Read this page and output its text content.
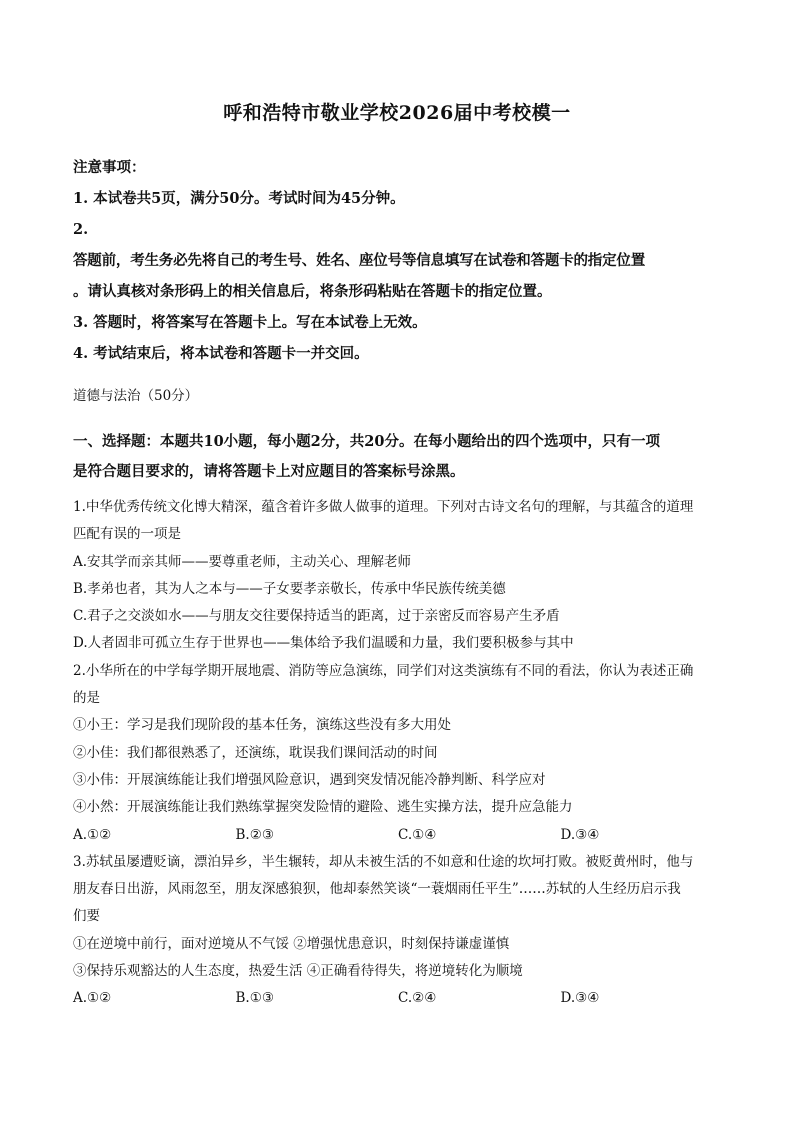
呼和浩特市敬业学校2026届中考校模一
注意事项：
1. 本试卷共5页，满分50分。考试时间为45分钟。
2.
答题前，考生务必先将自己的考生号、姓名、座位号等信息填写在试卷和答题卡的指定位置
。请认真核对条形码上的相关信息后，将条形码粘贴在答题卡的指定位置。
3. 答题时，将答案写在答题卡上。写在本试卷上无效。
4. 考试结束后，将本试卷和答题卡一并交回。
道德与法治（50分）
一、选择题：本题共10小题，每小题2分，共20分。在每小题给出的四个选项中，只有一项
是符合题目要求的，请将答题卡上对应题目的答案标号涂黑。
1.中华优秀传统文化博大精深，蕴含着许多做人做事的道理。下列对古诗文名句的理解，与其蕴含的道理
匹配有误的一项是
A.安其学而亲其师——要尊重老师，主动关心、理解老师
B.孝弟也者，其为人之本与——子女要孝亲敬长，传承中华民族传统美德
C.君子之交淡如水——与朋友交往要保持适当的距离，过于亲密反而容易产生矛盾
D.人者固非可孤立生存于世界也——集体给予我们温暖和力量，我们要积极参与其中
2.小华所在的中学每学期开展地震、消防等应急演练，同学们对这类演练有不同的看法，你认为表述正确
的是
①小王：学习是我们现阶段的基本任务，演练这些没有多大用处
②小佳：我们都很熟悉了，还演练，耽误我们课间活动的时间
③小伟：开展演练能让我们增强风险意识，遇到突发情况能冷静判断、科学应对
④小然：开展演练能让我们熟练掌握突发险情的避险、逃生实操方法，提升应急能力
A.①②	B.②③	C.①④	D.③④
3.苏轼虽屡遭贬谪，漂泊异乡，半生辗转，却从未被生活的不如意和仕途的坎坷打败。被贬黄州时，他与
朋友春日出游，风雨忽至，朋友深感狼狈，他却泰然笑谈“一蓑烟雨任平生”……苏轼的人生经历启示我
们要
①在逆境中前行，面对逆境从不气馁 ②增强忧患意识，时刻保持谦虚谨慎
③保持乐观豁达的人生态度，热爱生活 ④正确看待得失，将逆境转化为顺境
A.①②	B.①③	C.②④	D.③④
